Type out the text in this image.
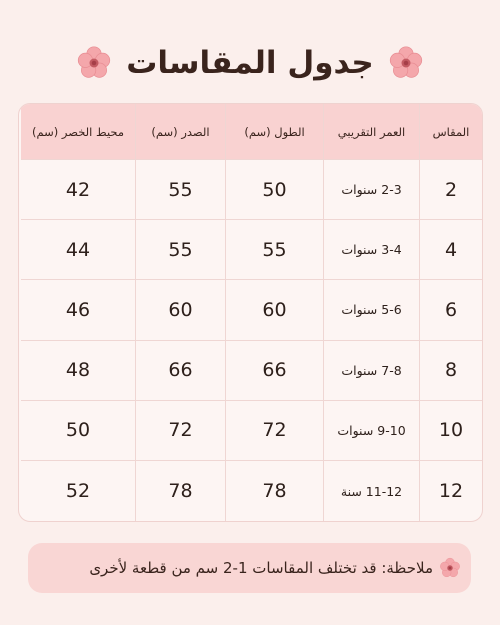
جدول المقاسات
المقاس
العمر التقريبي
الطول (سم)
الصدر (سم)
محيط الخصر (سم)
2
2-3 سنوات
50
55
42
4
3-4 سنوات
55
55
44
6
5-6 سنوات
60
60
46
8
7-8 سنوات
66
66
48
10
9-10 سنوات
72
72
50
12
11-12 سنة
78
78
52
ملاحظة: قد تختلف المقاسات 1-2 سم من قطعة لأخرى
